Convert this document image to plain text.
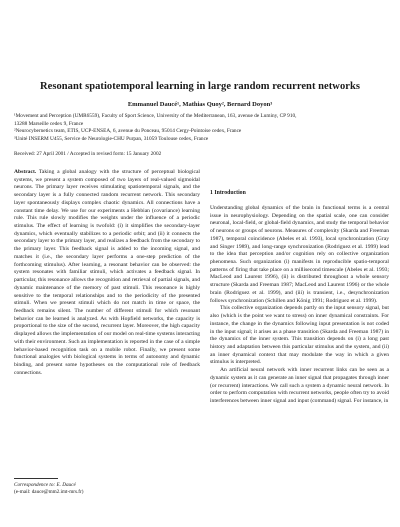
Resonant spatiotemporal learning in large random recurrent networks
Emmanuel Daucé¹, Mathias Quoy², Bernard Doyon³
¹Movement and Perception (UMR6559), Faculty of Sport Science, University of the Mediterranean, 163, avenue de Luminy, CP 910,
13288 Marseille cedex 9, France
²Neurocybernetics team, ETIS, UCP-ENSEA, 6, avenue du Ponceau, 95014 Cergy-Pointoise cedex, France
³Unité INSERM U455, Service de Neurologie-CHU Purpan, 31059 Toulouse cedex, France
Received: 27 April 2001 / Accepted in revised form: 15 January 2002

Abstract. Taking a global analogy with the structure of perceptual biological systems, we present a system composed of two layers of real-valued sigmoidal neurons. The primary layer receives stimulating spatiotemporal signals, and the secondary layer is a fully connected random recurrent network. This secondary layer spontaneously displays complex chaotic dynamics. All connections have a constant time delay. We use for our experiments a Hebbian (covariance) learning rule. This rule slowly modifies the weights under the influence of a periodic stimulus. The effect of learning is twofold: (i) it simplifies the secondary-layer dynamics, which eventually stabilizes to a periodic orbit; and (ii) it connects the secondary layer to the primary layer, and realizes a feedback from the secondary to the primary layer. This feedback signal is added to the incoming signal, and matches it (i.e., the secondary layer performs a one-step prediction of the forthcoming stimulus). After learning, a resonant behavior can be observed: the system resonates with familiar stimuli, which activates a feedback signal. In particular, this resonance allows the recognition and retrieval of partial signals, and dynamic maintenance of the memory of past stimuli. This resonance is highly sensitive to the temporal relationships and to the periodicity of the presented stimuli. When we present stimuli which do not match in time or space, the feedback remains silent. The number of different stimuli for which resonant behavior can be learned is analyzed. As with Hopfield networks, the capacity is proportional to the size of the second, recurrent layer. Moreover, the high capacity displayed allows the implementation of our model on real-time systems interacting with their environment. Such an implementation is reported in the case of a simple behavior-based recognition task on a mobile robot. Finally, we present some functional analogies with biological systems in terms of autonomy and dynamic binding, and present some hypotheses on the computational role of feedback connections.

1 Introduction

Understanding global dynamics of the brain in functional terms is a central issue in neurophysiology. Depending on the spatial scale, one can consider neuronal, local-field, or global-field dynamics, and study the temporal behavior of neurons or groups of neurons. Measures of complexity (Skarda and Freeman 1987), temporal coincidence (Abeles et al. 1993), local synchronization (Gray and Singer 1989), and long-range synchronization (Rodriguez et al. 1999) lead to the idea that perception and/or cognition rely on collective organization phenomena. Such organization (i) manifests in reproducible spatio-temporal patterns of firing that take place on a millisecond timescale (Abeles et al. 1993; MacLeod and Laurent 1996), (ii) is distributed throughout a whole sensory structure (Skarda and Freeman 1987; MacLeod and Laurent 1996) or the whole brain (Rodriguez et al. 1999), and (iii) is transient, i.e., desynchronization follows synchronization (Schillen and König 1991; Rodriguez et al. 1999).

This collective organization depends partly on the input sensory signal, but also (which is the point we want to stress) on inner dynamical constraints. For instance, the change in the dynamics following input presentation is not coded in the input signal; it arises as a phase transition (Skarda and Freeman 1987) in the dynamics of the inner system. This transition depends on (i) a long past history and adaptation between this particular stimulus and the system, and (ii) an inner dynamical context that may modulate the way in which a given stimulus is interpreted.

An artificial neural network with inner recurrent links can be seen as a dynamic system as it can generate an inner signal that propagates through inner (or recurrent) interactions. We call such a system a dynamic neural network. In order to perform computation with recurrent networks, people often try to avoid interferences between inner signal and input (command) signal. For instance, in

Correspondence to: E. Daucé
(e-mail: dauce@mm2.imt-mrs.fr)
